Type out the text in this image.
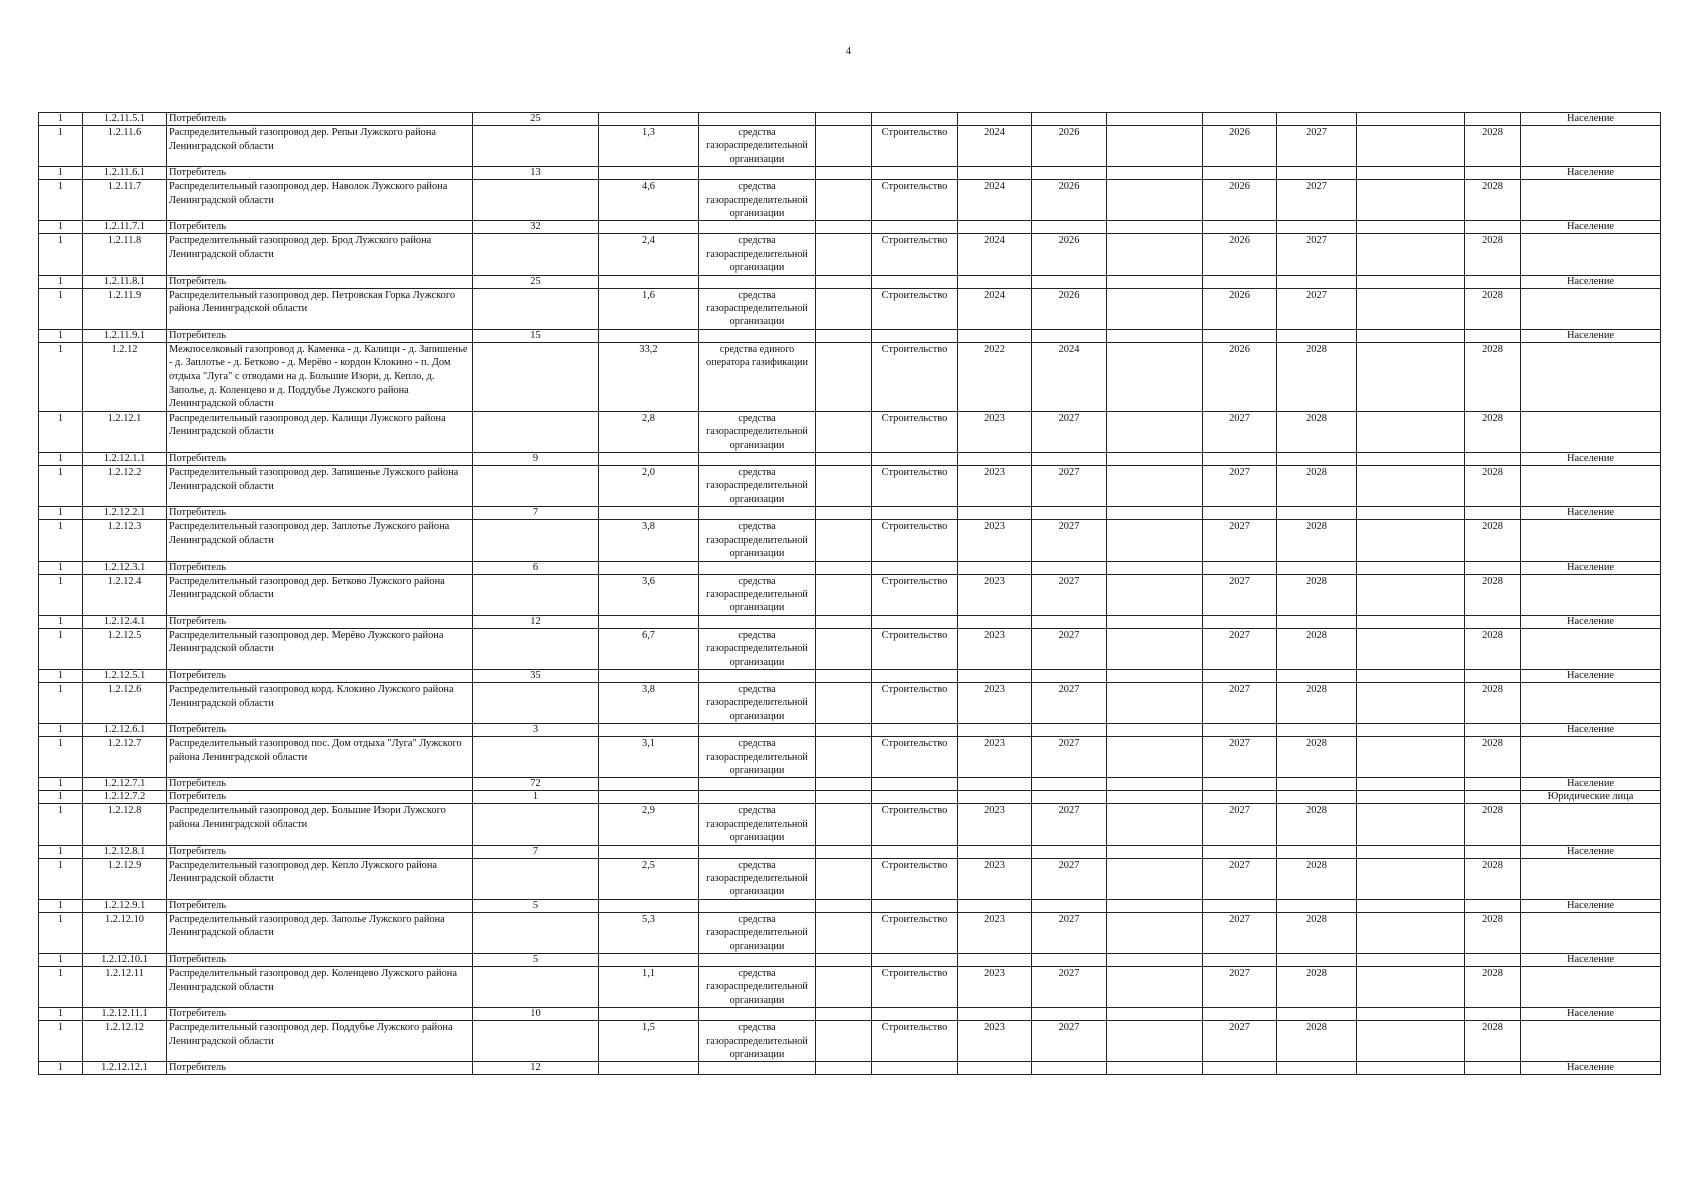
4
1	1.2.11.5.1	Потребитель	25												Население
1	1.2.11.6	Распределительный газопровод дер. Репьи Лужского района Ленинградской области		1,3	средства газораспределительной организации		Строительство	2024	2026		2026	2027		2028	
1	1.2.11.6.1	Потребитель	13												Население
1	1.2.11.7	Распределительный газопровод дер. Наволок Лужского района Ленинградской области		4,6	средства газораспределительной организации		Строительство	2024	2026		2026	2027		2028	
1	1.2.11.7.1	Потребитель	32												Население
1	1.2.11.8	Распределительный газопровод дер. Брод Лужского района Ленинградской области		2,4	средства газораспределительной организации		Строительство	2024	2026		2026	2027		2028	
1	1.2.11.8.1	Потребитель	25												Население
1	1.2.11.9	Распределительный газопровод дер. Петровская Горка Лужского района Ленинградской области		1,6	средства газораспределительной организации		Строительство	2024	2026		2026	2027		2028	
1	1.2.11.9.1	Потребитель	15												Население
1	1.2.12	Межпоселковый газопровод д. Каменка - д. Калищи - д. Запишенье - д. Заплотье - д. Бетково - д. Мерёво - кордон Клокино - п. Дом отдыха "Луга" с отводами на д. Большие Изори, д. Кепло, д. Заполье, д. Коленцево и д. Поддубье Лужского района Ленинградской области		33,2	средства единого оператора газификации		Строительство	2022	2024		2026	2028		2028	
1	1.2.12.1	Распределительный газопровод дер. Калищи Лужского района Ленинградской области		2,8	средства газораспределительной организации		Строительство	2023	2027		2027	2028		2028	
1	1.2.12.1.1	Потребитель	9												Население
1	1.2.12.2	Распределительный газопровод дер. Запишенье Лужского района Ленинградской области		2,0	средства газораспределительной организации		Строительство	2023	2027		2027	2028		2028	
1	1.2.12.2.1	Потребитель	7												Население
1	1.2.12.3	Распределительный газопровод дер. Заплотье Лужского района Ленинградской области		3,8	средства газораспределительной организации		Строительство	2023	2027		2027	2028		2028	
1	1.2.12.3.1	Потребитель	6												Население
1	1.2.12.4	Распределительный газопровод дер. Бетково Лужского района Ленинградской области		3,6	средства газораспределительной организации		Строительство	2023	2027		2027	2028		2028	
1	1.2.12.4.1	Потребитель	12												Население
1	1.2.12.5	Распределительный газопровод дер. Мерёво Лужского района Ленинградской области		6,7	средства газораспределительной организации		Строительство	2023	2027		2027	2028		2028	
1	1.2.12.5.1	Потребитель	35												Население
1	1.2.12.6	Распределительный газопровод корд. Клокино Лужского района Ленинградской области		3,8	средства газораспределительной организации		Строительство	2023	2027		2027	2028		2028	
1	1.2.12.6.1	Потребитель	3												Население
1	1.2.12.7	Распределительный газопровод пос. Дом отдыха "Луга" Лужского района Ленинградской области		3,1	средства газораспределительной организации		Строительство	2023	2027		2027	2028		2028	
1	1.2.12.7.1	Потребитель	72												Население
1	1.2.12.7.2	Потребитель	1												Юридические лица
1	1.2.12.8	Распределительный газопровод дер. Большие Изори Лужского района Ленинградской области		2,9	средства газораспределительной организации		Строительство	2023	2027		2027	2028		2028	
1	1.2.12.8.1	Потребитель	7												Население
1	1.2.12.9	Распределительный газопровод дер. Кепло Лужского района Ленинградской области		2,5	средства газораспределительной организации		Строительство	2023	2027		2027	2028		2028	
1	1.2.12.9.1	Потребитель	5												Население
1	1.2.12.10	Распределительный газопровод дер. Заполье Лужского района Ленинградской области		5,3	средства газораспределительной организации		Строительство	2023	2027		2027	2028		2028	
1	1.2.12.10.1	Потребитель	5												Население
1	1.2.12.11	Распределительный газопровод дер. Коленцево Лужского района Ленинградской области		1,1	средства газораспределительной организации		Строительство	2023	2027		2027	2028		2028	
1	1.2.12.11.1	Потребитель	10												Население
1	1.2.12.12	Распределительный газопровод дер. Поддубье Лужского района Ленинградской области		1,5	средства газораспределительной организации		Строительство	2023	2027		2027	2028		2028	
1	1.2.12.12.1	Потребитель	12												Население
